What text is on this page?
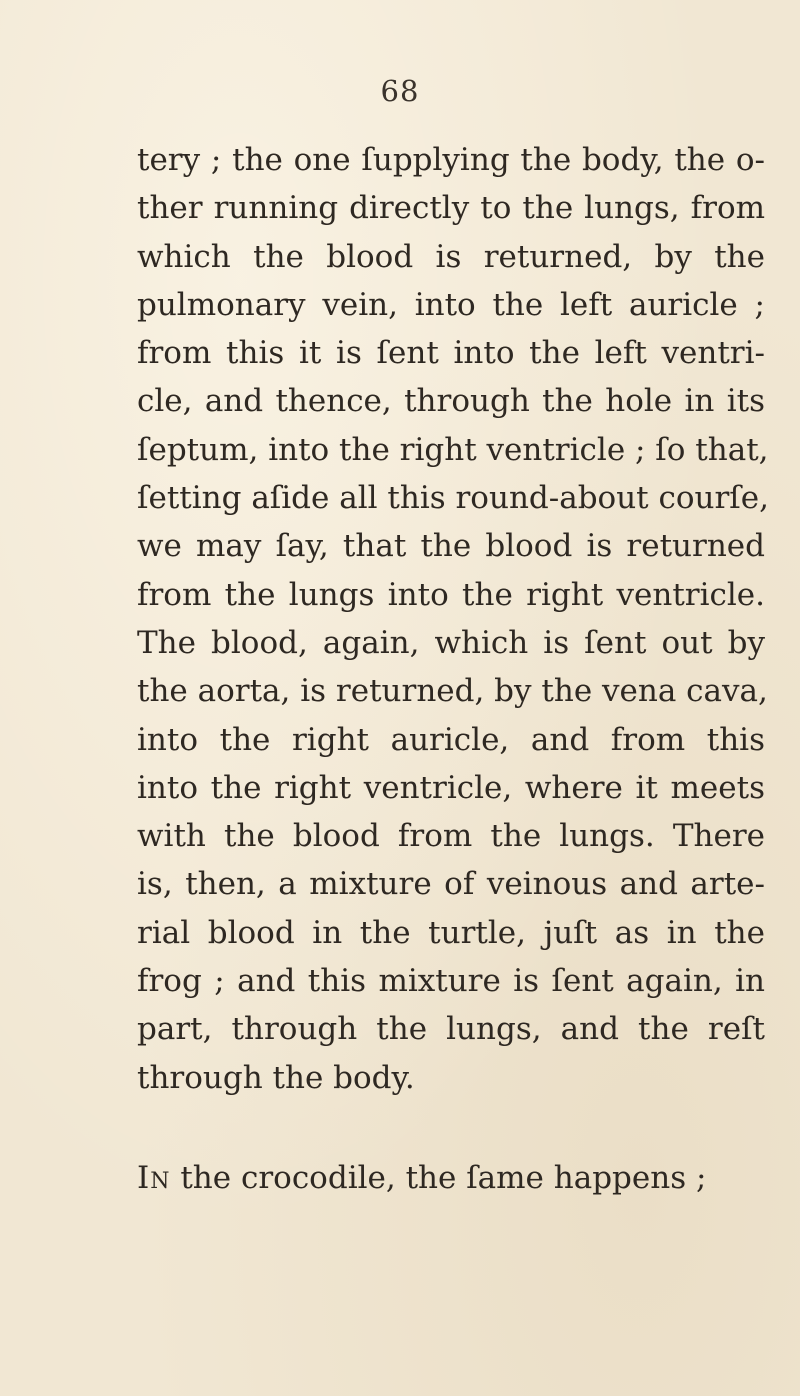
68
tery ; the one ſupplying the body, the o-
ther running directly to the lungs, from
which the blood is returned, by the
pulmonary vein, into the left auricle ;
from this it is ſent into the left ventri-
cle, and thence, through the hole in its
ſeptum, into the right ventricle ; ſo that,
ſetting aſide all this round-about courſe,
we may ſay, that the blood is returned
from the lungs into the right ventricle.
The blood, again, which is ſent out by
the aorta, is returned, by the vena cava,
into the right auricle, and from this
into the right ventricle, where it meets
with the blood from the lungs. There
is, then, a mixture of veinous and arte-
rial blood in the turtle, juſt as in the
frog ; and this mixture is ſent again, in
part, through the lungs, and the reſt
through the body.
In the crocodile, the ſame happens ;
